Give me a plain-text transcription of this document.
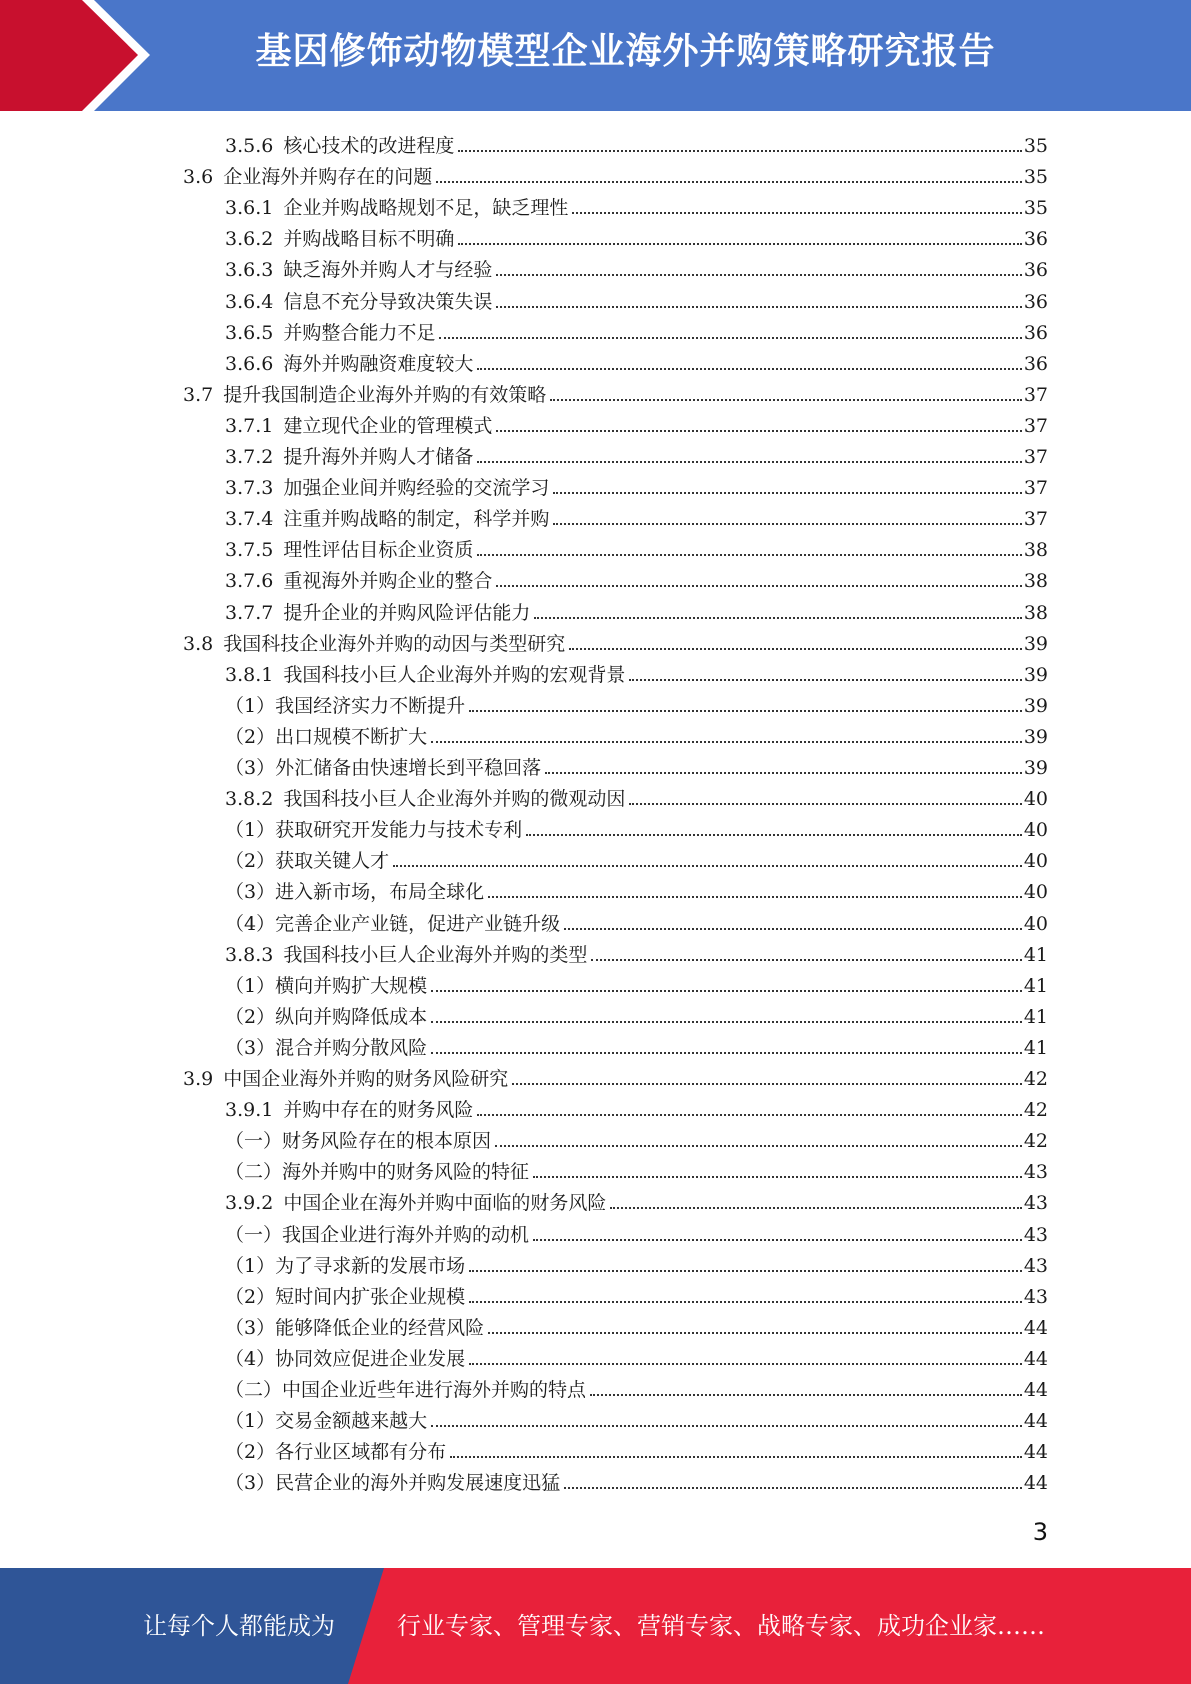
基因修饰动物模型企业海外并购策略研究报告
3.5.6 核心技术的改进程度	35
3.6 企业海外并购存在的问题	35
3.6.1 企业并购战略规划不足，缺乏理性	35
3.6.2 并购战略目标不明确	36
3.6.3 缺乏海外并购人才与经验	36
3.6.4 信息不充分导致决策失误	36
3.6.5 并购整合能力不足	36
3.6.6 海外并购融资难度较大	36
3.7 提升我国制造企业海外并购的有效策略	37
3.7.1 建立现代企业的管理模式	37
3.7.2 提升海外并购人才储备	37
3.7.3 加强企业间并购经验的交流学习	37
3.7.4 注重并购战略的制定，科学并购	37
3.7.5 理性评估目标企业资质	38
3.7.6 重视海外并购企业的整合	38
3.7.7 提升企业的并购风险评估能力	38
3.8 我国科技企业海外并购的动因与类型研究	39
3.8.1 我国科技小巨人企业海外并购的宏观背景	39
（1）我国经济实力不断提升	39
（2）出口规模不断扩大	39
（3）外汇储备由快速增长到平稳回落	39
3.8.2 我国科技小巨人企业海外并购的微观动因	40
（1）获取研究开发能力与技术专利	40
（2）获取关键人才	40
（3）进入新市场，布局全球化	40
（4）完善企业产业链，促进产业链升级	40
3.8.3 我国科技小巨人企业海外并购的类型	41
（1）横向并购扩大规模	41
（2）纵向并购降低成本	41
（3）混合并购分散风险	41
3.9 中国企业海外并购的财务风险研究	42
3.9.1 并购中存在的财务风险	42
（一）财务风险存在的根本原因	42
（二）海外并购中的财务风险的特征	43
3.9.2 中国企业在海外并购中面临的财务风险	43
（一）我国企业进行海外并购的动机	43
（1）为了寻求新的发展市场	43
（2）短时间内扩张企业规模	43
（3）能够降低企业的经营风险	44
（4）协同效应促进企业发展	44
（二）中国企业近些年进行海外并购的特点	44
（1）交易金额越来越大	44
（2）各行业区域都有分布	44
（3）民营企业的海外并购发展速度迅猛	44
3
让每个人都能成为	行业专家、管理专家、营销专家、战略专家、成功企业家……
